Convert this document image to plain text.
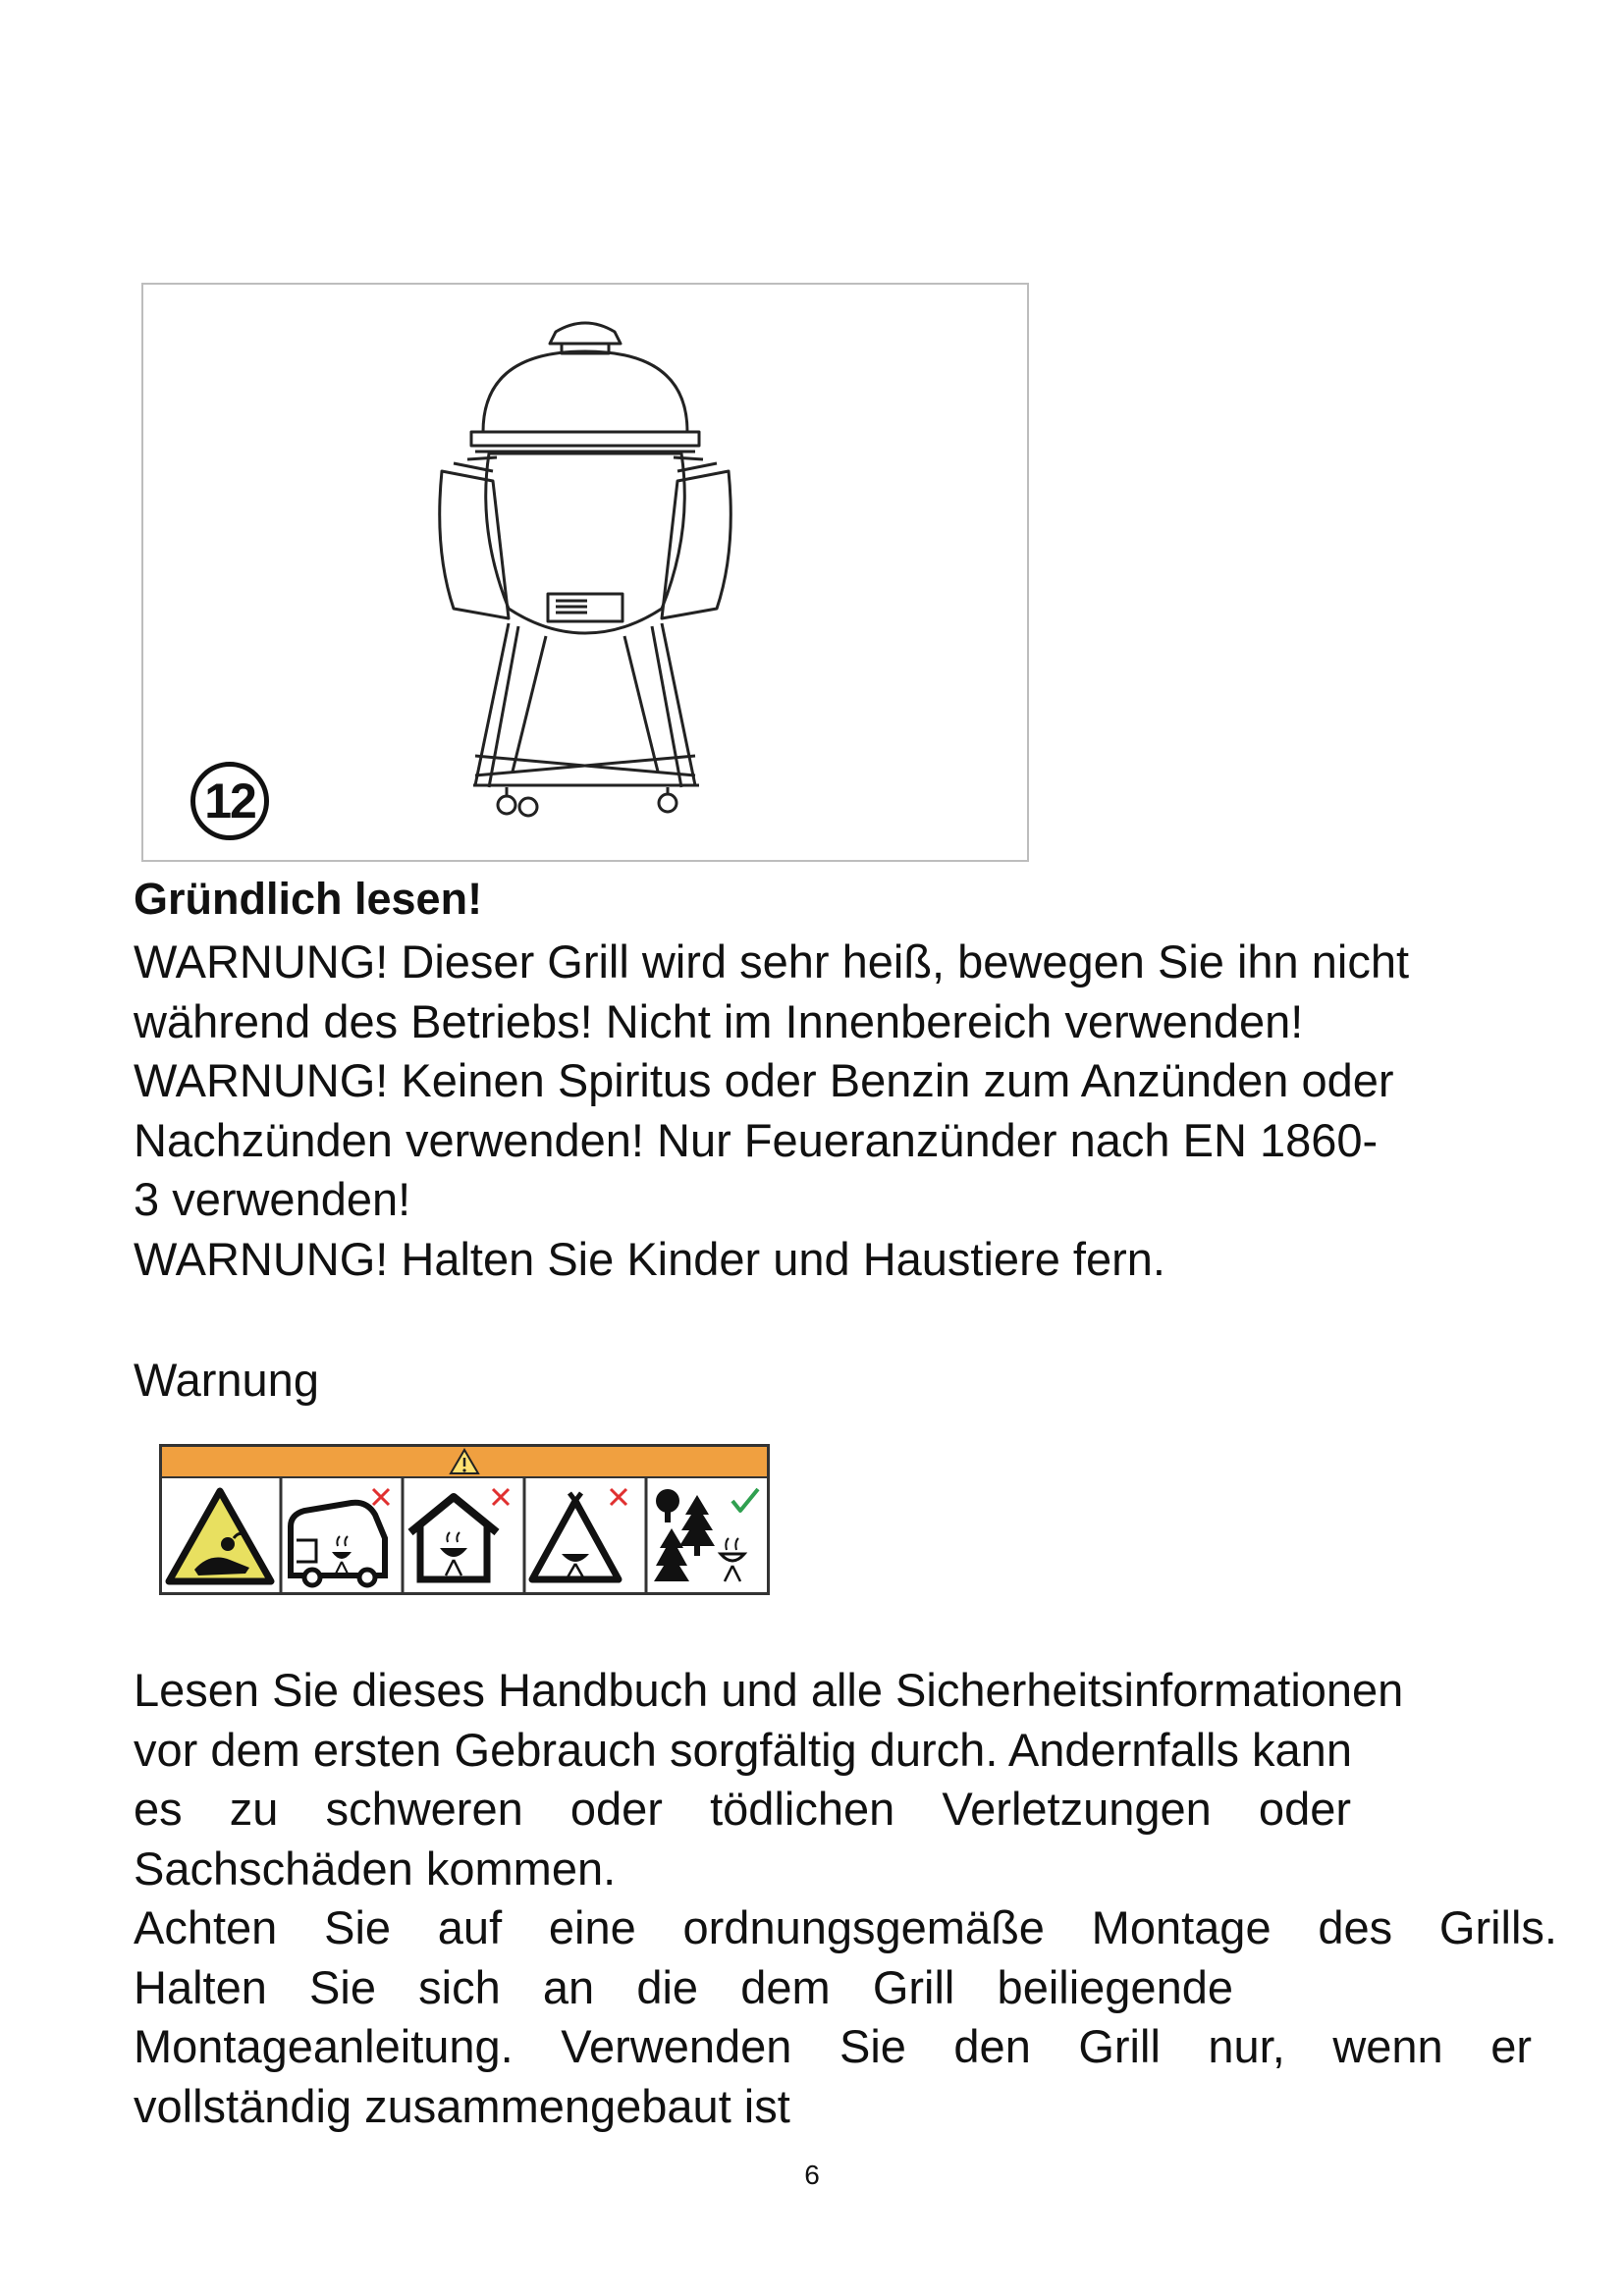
12
Gründlich lesen!
WARNUNG! Dieser Grill wird sehr heiß, bewegen Sie ihn nicht
während des Betriebs! Nicht im Innenbereich verwenden!
WARNUNG! Keinen Spiritus oder Benzin zum Anzünden oder
Nachzünden verwenden! Nur Feueranzünder nach EN 1860-
3 verwenden!
WARNUNG! Halten Sie Kinder und Haustiere fern.
Warnung
Lesen Sie dieses Handbuch und alle Sicherheitsinformationen
vor dem ersten Gebrauch sorgfältig durch. Andernfalls kann
es zu schweren oder tödlichen Verletzungen oder
Sachschäden kommen.
Achten Sie auf eine ordnungsgemäße Montage des Grills.
Halten Sie sich an die dem Grill beiliegende
Montageanleitung. Verwenden Sie den Grill nur, wenn er
vollständig zusammengebaut ist
6
